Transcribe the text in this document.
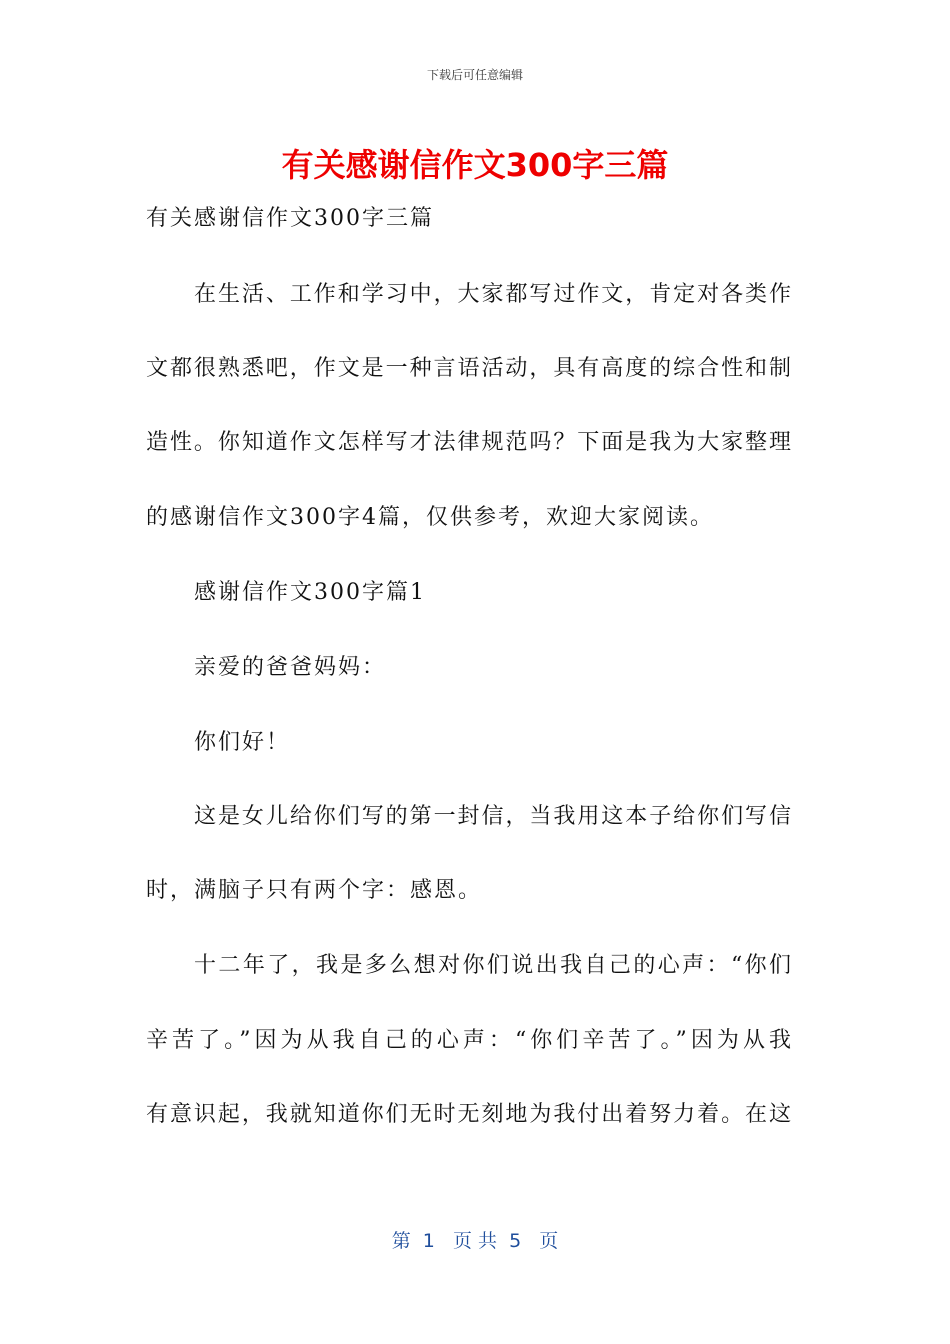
下载后可任意编辑
有关感谢信作文300字三篇
有关感谢信作文300字三篇
在生活、工作和学习中，大家都写过作文，肯定对各类作
文都很熟悉吧，作文是一种言语活动，具有高度的综合性和制
造性。你知道作文怎样写才法律规范吗？下面是我为大家整理
的感谢信作文300字4篇，仅供参考，欢迎大家阅读。
感谢信作文300字篇1
亲爱的爸爸妈妈：
你们好！
这是女儿给你们写的第一封信，当我用这本子给你们写信
时，满脑子只有两个字：感恩。
十二年了，我是多么想对你们说出我自己的心声：“你们
辛苦了。”因为从我自己的心声：“你们辛苦了。”因为从我
有意识起，我就知道你们无时无刻地为我付出着努力着。在这
第  1   页 共  5   页
